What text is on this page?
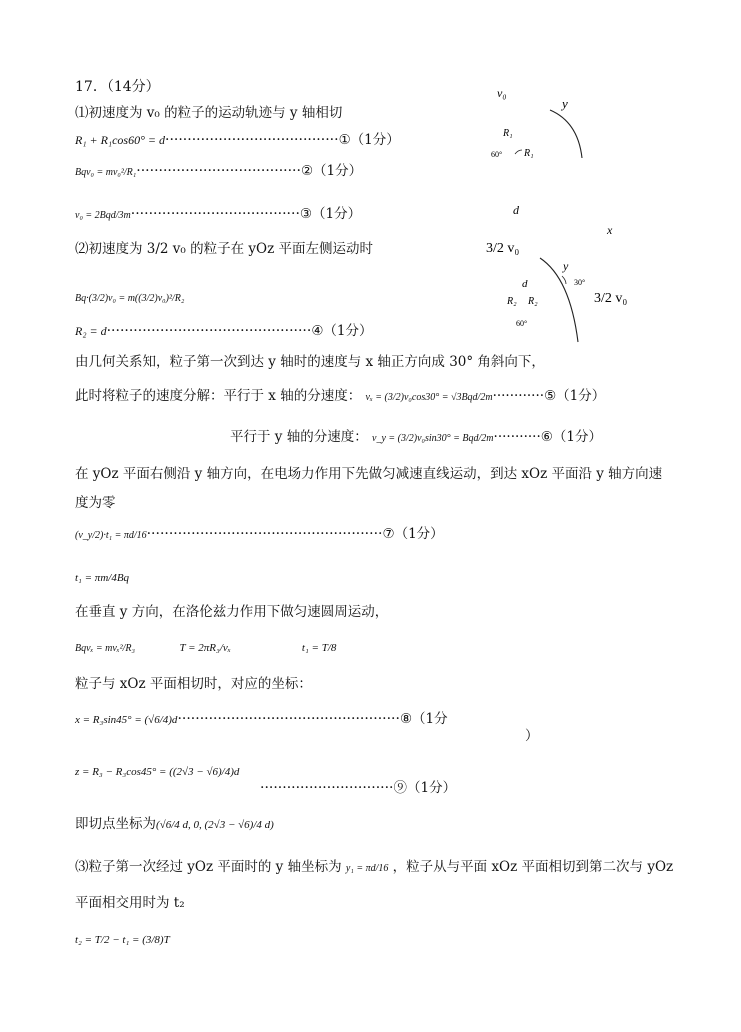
17．（14分）
⑴初速度为 v₀ 的粒子的运动轨迹与 y 轴相切
R₁ + R₁cos60° = d·······································①（1分）
Bqv₀ = mv₀²/R₁·····································②（1分）
v₀ = 2Bqd/3m······································③（1分）
⑵初速度为 3/2 v₀ 的粒子在 yOz 平面左侧运动时
Bq·(3/2)v₀ = m((3/2)v₀)²/R₂
R₂ = d··············································④（1分）
由几何关系知，粒子第一次到达 y 轴时的速度与 x 轴正方向成 30° 角斜向下，
此时将粒子的速度分解：平行于 x 轴的分速度： vₓ = (3/2)v₀cos30° = √3Bqd/2m············⑤（1分）
平行于 y 轴的分速度： v_y = (3/2)v₀sin30° = Bqd/2m···········⑥（1分）
在 yOz 平面右侧沿 y 轴方向，在电场力作用下先做匀减速直线运动，到达 xOz 平面沿 y 轴方向速
度为零
(v_y/2)·t₁ = πd/16·····················································⑦（1分）
t₁ = πm/4Bq
在垂直 y 方向，在洛伦兹力作用下做匀速圆周运动，
Bqvₓ = mvₓ²/R₃	T = 2πR₃/vₓ	t₁ = T/8
粒子与 xOz 平面相切时，对应的坐标：
x = R₃sin45° = (√6/4)d··················································⑧（1分
）
z = R₃ − R₃cos45° = ((2√3 − √6)/4)d
······························⑨（1分）
即切点坐标为(√6/4 d, 0, (2√3 − √6)/4 d)
⑶粒子第一次经过 yOz 平面时的 y 轴坐标为 y₁ = πd/16 ，粒子从与平面 xOz 平面相切到第二次与 yOz
平面相交用时为 t₂
t₂ = T/2 − t₁ = (3/8)T
v₀
y
R₁
60° R₁
d
x
3/2 v₀
y
30°
d
R₂ R₂
60°
3/2 v₀
